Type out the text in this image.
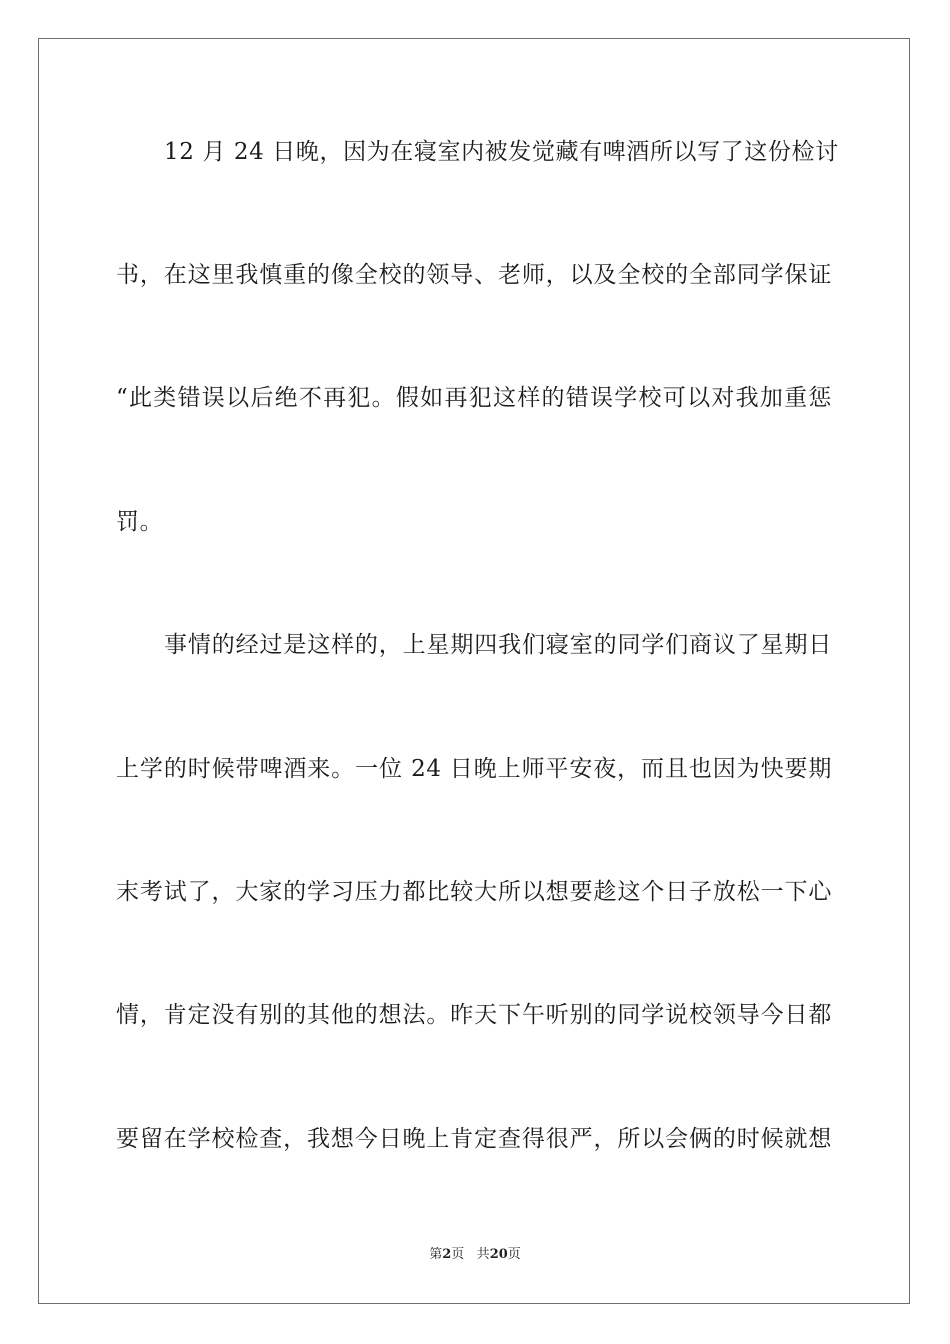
12 月 24 日晚，因为在寝室内被发觉藏有啤酒所以写了这份检讨
书，在这里我慎重的像全校的领导、老师，以及全校的全部同学保证
“此类错误以后绝不再犯。假如再犯这样的错误学校可以对我加重惩
罚。
事情的经过是这样的，上星期四我们寝室的同学们商议了星期日
上学的时候带啤酒来。一位 24 日晚上师平安夜，而且也因为快要期
末考试了，大家的学习压力都比较大所以想要趁这个日子放松一下心
情，肯定没有别的其他的想法。昨天下午听别的同学说校领导今日都
要留在学校检查，我想今日晚上肯定查得很严，所以会俩的时候就想
第2页 共20页
